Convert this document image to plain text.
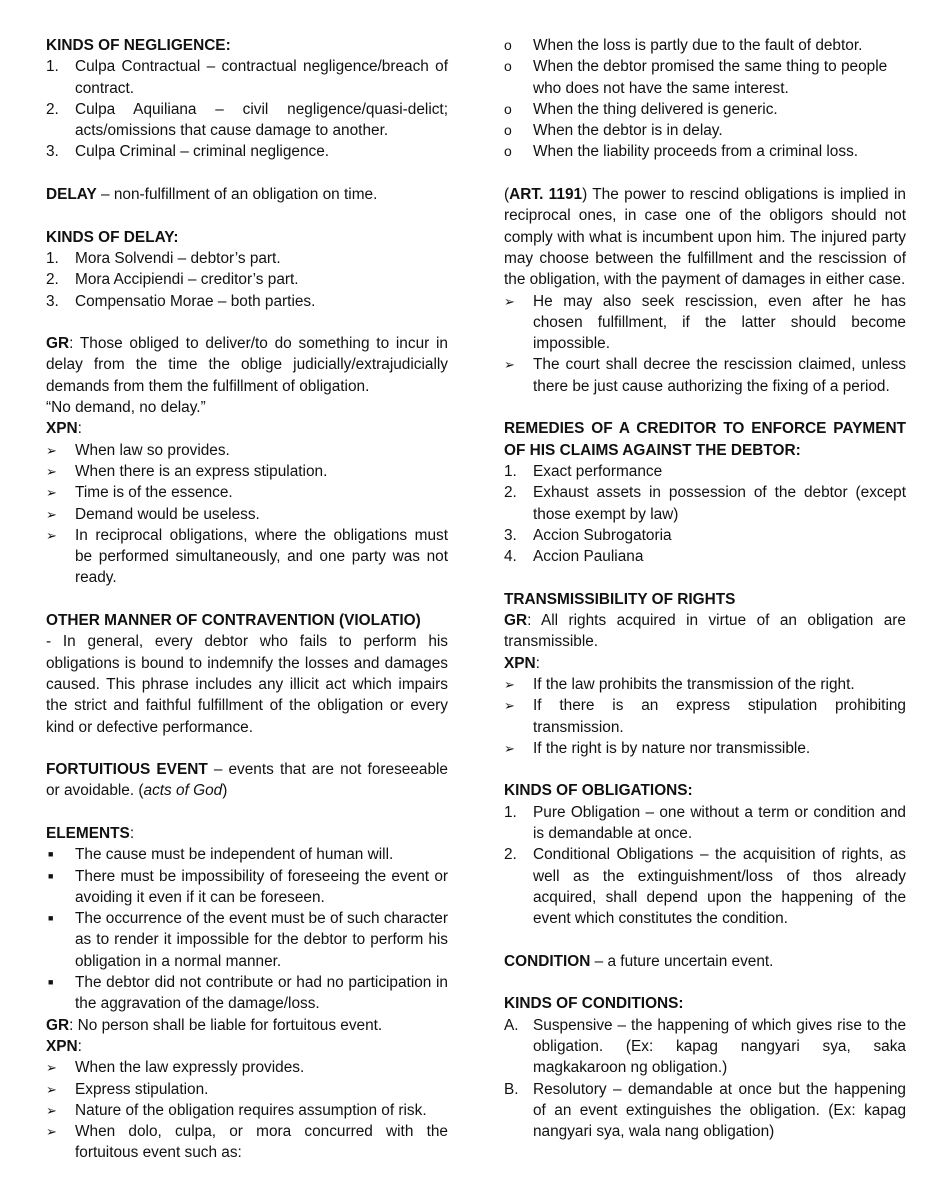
KINDS OF NEGLIGENCE:
1.	Culpa Contractual – contractual negligence/breach of contract.
2.	Culpa Aquiliana – civil negligence/quasi-delict; acts/omissions that cause damage to another.
3.	Culpa Criminal – criminal negligence.
DELAY – non-fulfillment of an obligation on time.
KINDS OF DELAY:
1.	Mora Solvendi – debtor’s part.
2.	Mora Accipiendi – creditor’s part.
3.	Compensatio Morae – both parties.
GR: Those obliged to deliver/to do something to incur in delay from the time the oblige judicially/extrajudicially demands from them the fulfillment of obligation.
“No demand, no delay.”
XPN:
➢	When law so provides.
➢	When there is an express stipulation.
➢	Time is of the essence.
➢	Demand would be useless.
➢	In reciprocal obligations, where the obligations must be performed simultaneously, and one party was not ready.
OTHER MANNER OF CONTRAVENTION (VIOLATIO)
- In general, every debtor who fails to perform his obligations is bound to indemnify the losses and damages caused. This phrase includes any illicit act which impairs the strict and faithful fulfillment of the obligation or every kind or defective performance.
FORTUITIOUS EVENT – events that are not foreseeable or avoidable. (acts of God)
ELEMENTS:
■	The cause must be independent of human will.
■	There must be impossibility of foreseeing the event or avoiding it even if it can be foreseen.
■	The occurrence of the event must be of such character as to render it impossible for the debtor to perform his obligation in a normal manner.
■	The debtor did not contribute or had no participation in the aggravation of the damage/loss.
GR: No person shall be liable for fortuitous event.
XPN:
➢	When the law expressly provides.
➢	Express stipulation.
➢	Nature of the obligation requires assumption of risk.
➢	When dolo, culpa, or mora concurred with the fortuitous event such as:
o	When the loss is partly due to the fault of debtor.
o	When the debtor promised the same thing to people who does not have the same interest.
o	When the thing delivered is generic.
o	When the debtor is in delay.
o	When the liability proceeds from a criminal loss.
(ART. 1191) The power to rescind obligations is implied in reciprocal ones, in case one of the obligors should not comply with what is incumbent upon him. The injured party may choose between the fulfillment and the rescission of the obligation, with the payment of damages in either case.
➢	He may also seek rescission, even after he has chosen fulfillment, if the latter should become impossible.
➢	The court shall decree the rescission claimed, unless there be just cause authorizing the fixing of a period.
REMEDIES OF A CREDITOR TO ENFORCE PAYMENT OF HIS CLAIMS AGAINST THE DEBTOR:
1.	Exact performance
2.	Exhaust assets in possession of the debtor (except those exempt by law)
3.	Accion Subrogatoria
4.	Accion Pauliana
TRANSMISSIBILITY OF RIGHTS
GR: All rights acquired in virtue of an obligation are transmissible.
XPN:
➢	If the law prohibits the transmission of the right.
➢	If there is an express stipulation prohibiting transmission.
➢	If the right is by nature nor transmissible.
KINDS OF OBLIGATIONS:
1.	Pure Obligation – one without a term or condition and is demandable at once.
2.	Conditional Obligations – the acquisition of rights, as well as the extinguishment/loss of thos already acquired, shall depend upon the happening of the event which constitutes the condition.
CONDITION – a future uncertain event.
KINDS OF CONDITIONS:
A. Suspensive – the happening of which gives rise to the obligation. (Ex: kapag nangyari sya, saka magkakaroon ng obligation.)
B. Resolutory – demandable at once but the happening of an event extinguishes the obligation. (Ex: kapag nangyari sya, wala nang obligation)
